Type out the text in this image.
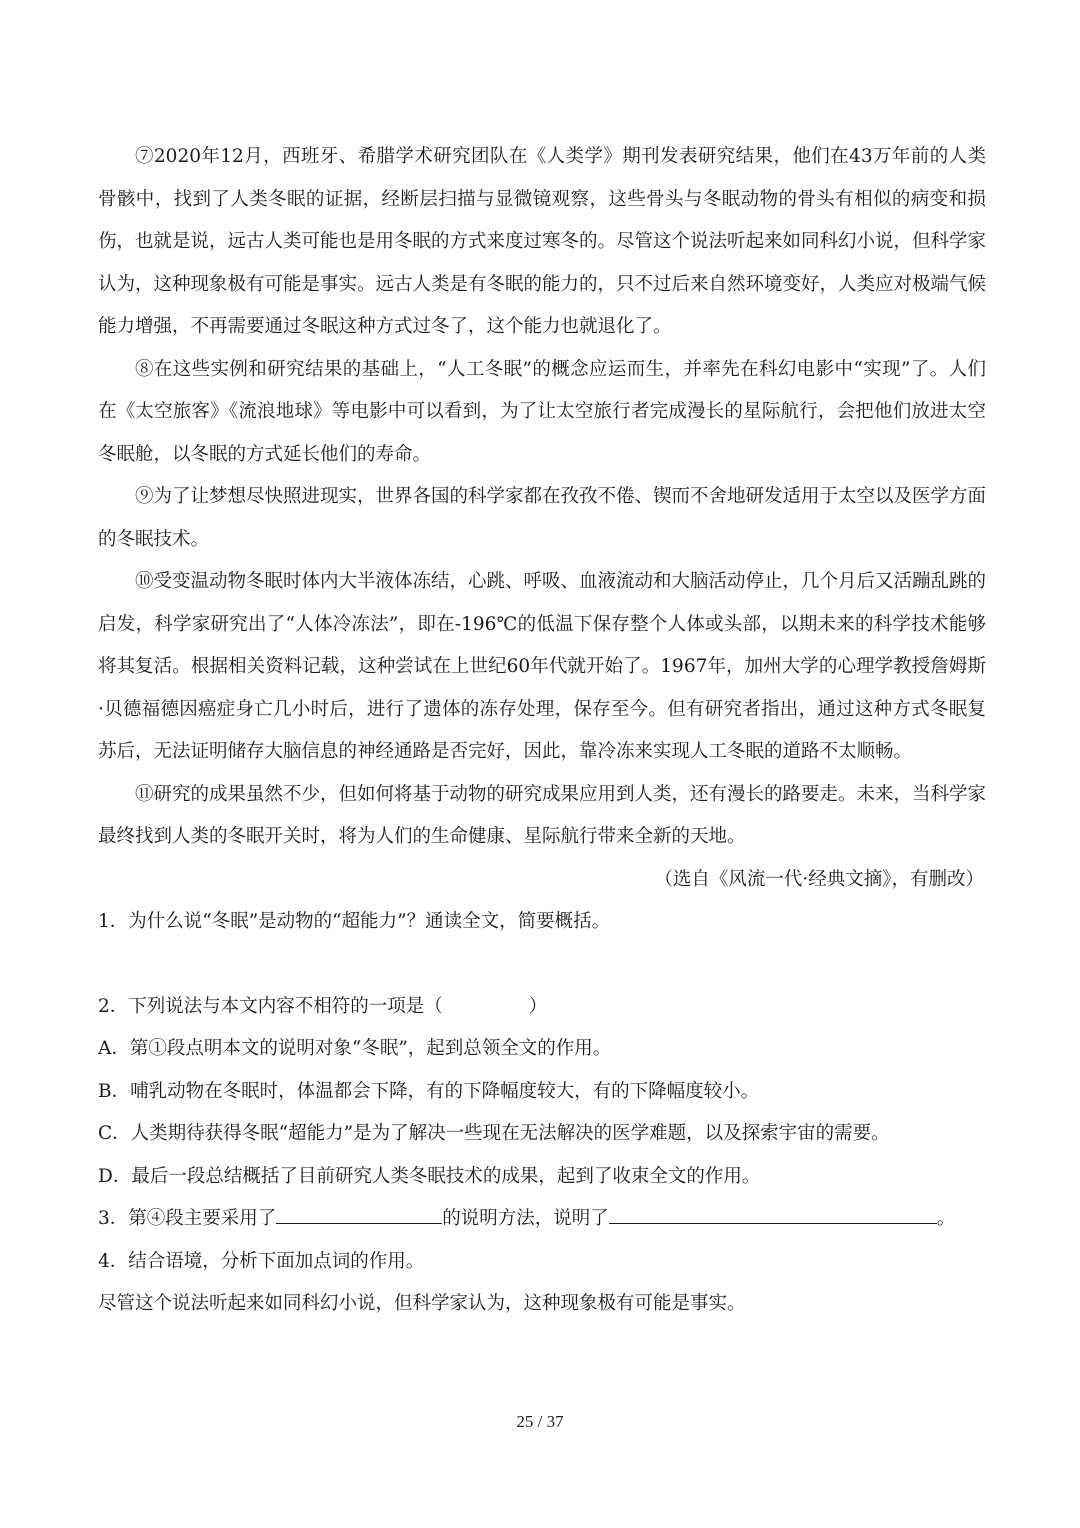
⑦2020年12月，西班牙、希腊学术研究团队在《人类学》期刊发表研究结果，他们在43万年前的人类骨骸中，找到了人类冬眠的证据，经断层扫描与显微镜观察，这些骨头与冬眠动物的骨头有相似的病变和损伤，也就是说，远古人类可能也是用冬眠的方式来度过寒冬的。尽管这个说法听起来如同科幻小说，但科学家认为，这种现象极有可能是事实。远古人类是有冬眠的能力的，只不过后来自然环境变好，人类应对极端气候能力增强，不再需要通过冬眠这种方式过冬了，这个能力也就退化了。

⑧在这些实例和研究结果的基础上，“人工冬眠”的概念应运而生，并率先在科幻电影中“实现”了。人们在《太空旅客》《流浪地球》等电影中可以看到，为了让太空旅行者完成漫长的星际航行，会把他们放进太空冬眠舱，以冬眠的方式延长他们的寿命。

⑨为了让梦想尽快照进现实，世界各国的科学家都在孜孜不倦、锲而不舍地研发适用于太空以及医学方面的冬眠技术。

⑩受变温动物冬眠时体内大半液体冻结，心跳、呼吸、血液流动和大脑活动停止，几个月后又活蹦乱跳的启发，科学家研究出了“人体冷冻法”，即在-196℃的低温下保存整个人体或头部，以期未来的科学技术能够将其复活。根据相关资料记载，这种尝试在上世纪60年代就开始了。1967年，加州大学的心理学教授詹姆斯·贝德福德因癌症身亡几小时后，进行了遗体的冻存处理，保存至今。但有研究者指出，通过这种方式冬眠复苏后，无法证明储存大脑信息的神经通路是否完好，因此，靠冷冻来实现人工冬眠的道路不太顺畅。

⑪研究的成果虽然不少，但如何将基于动物的研究成果应用到人类，还有漫长的路要走。未来，当科学家最终找到人类的冬眠开关时，将为人们的生命健康、星际航行带来全新的天地。

（选自《风流一代·经典文摘》，有删改）

1．为什么说“冬眠”是动物的“超能力”？通读全文，简要概括。

2．下列说法与本文内容不相符的一项是（	）

A．第①段点明本文的说明对象“冬眠”，起到总领全文的作用。

B．哺乳动物在冬眠时，体温都会下降，有的下降幅度较大，有的下降幅度较小。

C．人类期待获得冬眠“超能力”是为了解决一些现在无法解决的医学难题，以及探索宇宙的需要。

D．最后一段总结概括了目前研究人类冬眠技术的成果，起到了收束全文的作用。

3．第④段主要采用了	的说明方法，说明了	。

4．结合语境，分析下面加点词的作用。

尽管这个说法听起来如同科幻小说，但科学家认为，这种现象极有可能是事实。

25 / 37
